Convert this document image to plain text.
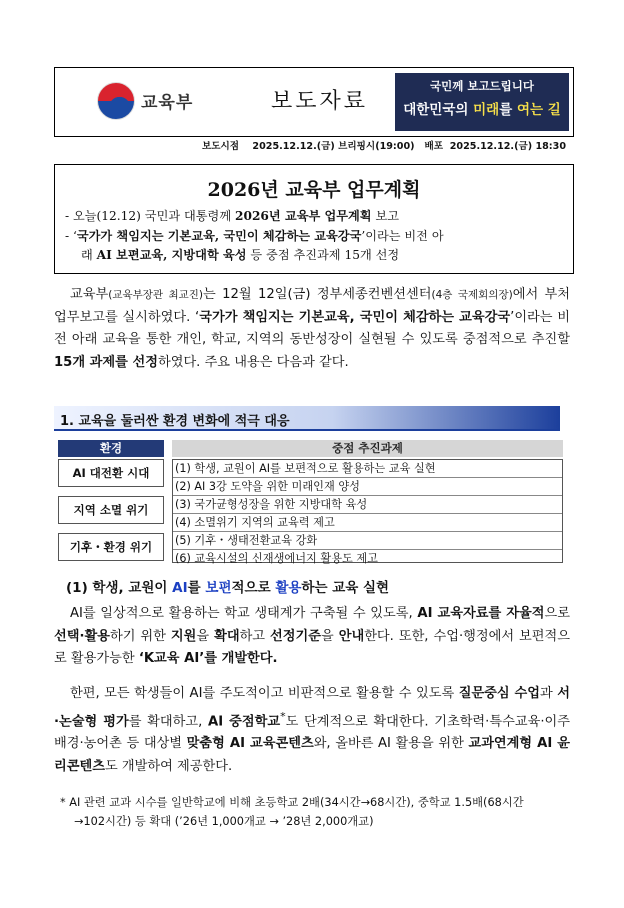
교육부	보도자료
국민께 보고드립니다
대한민국의 미래를 여는 길
보도시점    2025.12.12.(금) 브리핑시(19:00)   배포  2025.12.12.(금) 18:30
2026년 교육부 업무계획
- 오늘(12.12) 국민과 대통령께 2026년 교육부 업무계획 보고
- ‘국가가 책임지는 기본교육, 국민이 체감하는 교육강국’이라는 비전 아
래 AI 보편교육, 지방대학 육성 등 중점 추진과제 15개 선정
교육부(교육부장관 최교진)는 12월 12일(금) 정부세종컨벤션센터(4층 국제회의장)에서 부처 업무보고를 실시하였다. ‘국가가 책임지는 기본교육, 국민이 체감하는 교육강국’이라는 비전 아래 교육을 통한 개인, 학교, 지역의 동반성장이 실현될 수 있도록 중점적으로 추진할 15개 과제를 선정하였다. 주요 내용은 다음과 같다.
1. 교육을 둘러싼 환경 변화에 적극 대응
환경
AI 대전환 시대
지역 소멸 위기
기후・환경 위기
중점 추진과제
(1) 학생, 교원이 AI를 보편적으로 활용하는 교육 실현
(2) AI 3강 도약을 위한 미래인재 양성
(3) 국가균형성장을 위한 지방대학 육성
(4) 소멸위기 지역의 교육력 제고
(5) 기후・생태전환교육 강화
(6) 교육시설의 신재생에너지 활용도 제고
(1) 학생, 교원이 AI를 보편적으로 활용하는 교육 실현
AI를 일상적으로 활용하는 학교 생태계가 구축될 수 있도록, AI 교육자료를 자율적으로 선택·활용하기 위한 지원을 확대하고 선정기준을 안내한다. 또한, 수업·행정에서 보편적으로 활용가능한 ‘K교육 AI’를 개발한다.
한편, 모든 학생들이 AI를 주도적이고 비판적으로 활용할 수 있도록 질문중심 수업과 서·논술형 평가를 확대하고, AI 중점학교*도 단계적으로 확대한다. 기초학력·특수교육·이주배경·농어촌 등 대상별 맞춤형 AI 교육콘텐츠와, 올바른 AI 활용을 위한 교과연계형 AI 윤리콘텐츠도 개발하여 제공한다.
* AI 관련 교과 시수를 일반학교에 비해 초등학교 2배(34시간→68시간), 중학교 1.5배(68시간
→102시간) 등 확대 (’26년 1,000개교 → ’28년 2,000개교)
